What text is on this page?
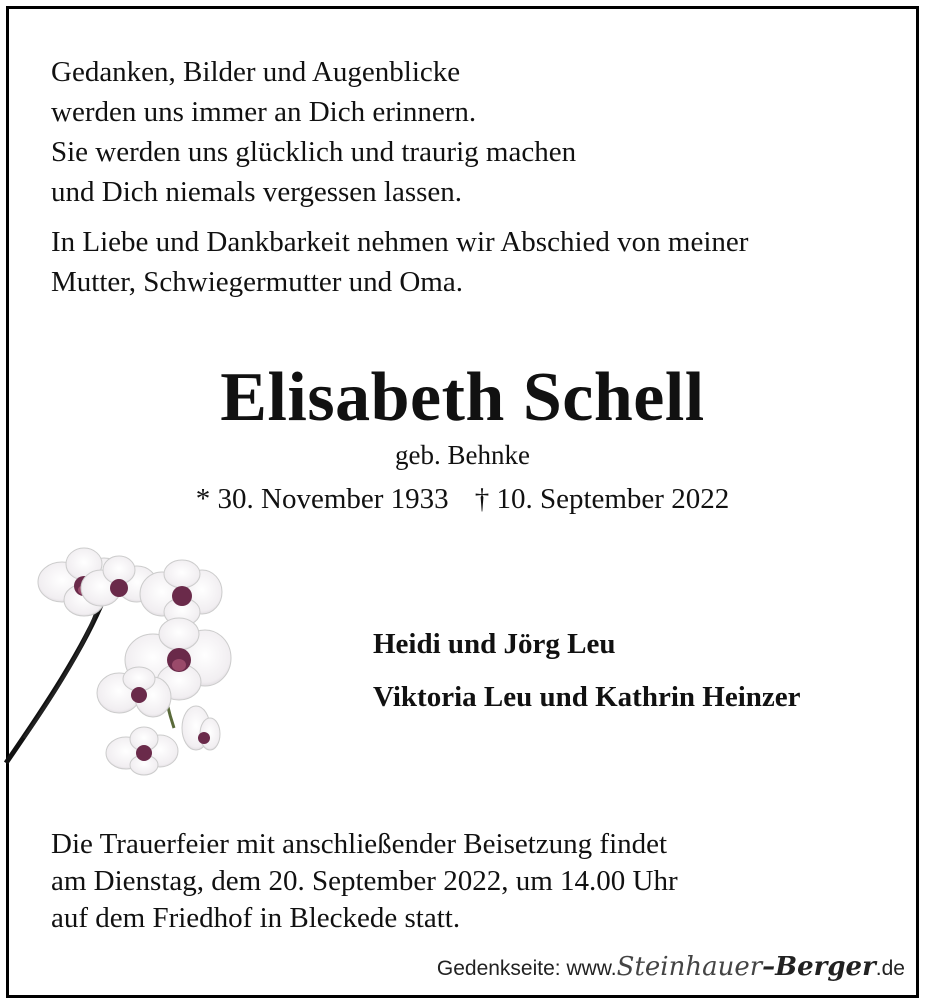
Gedanken, Bilder und Augenblicke
werden uns immer an Dich erinnern.
Sie werden uns glücklich und traurig machen
und Dich niemals vergessen lassen.
In Liebe und Dankbarkeit nehmen wir Abschied von meiner
Mutter, Schwiegermutter und Oma.
Elisabeth Schell
geb. Behnke
* 30. November 1933 † 10. September 2022
Heidi und Jörg Leu
Viktoria Leu und Kathrin Heinzer
Die Trauerfeier mit anschließender Beisetzung findet
am Dienstag, dem 20. September 2022, um 14.00 Uhr
auf dem Friedhof in Bleckede statt.
Gedenkseite: www.Steinhauer–Berger.de
